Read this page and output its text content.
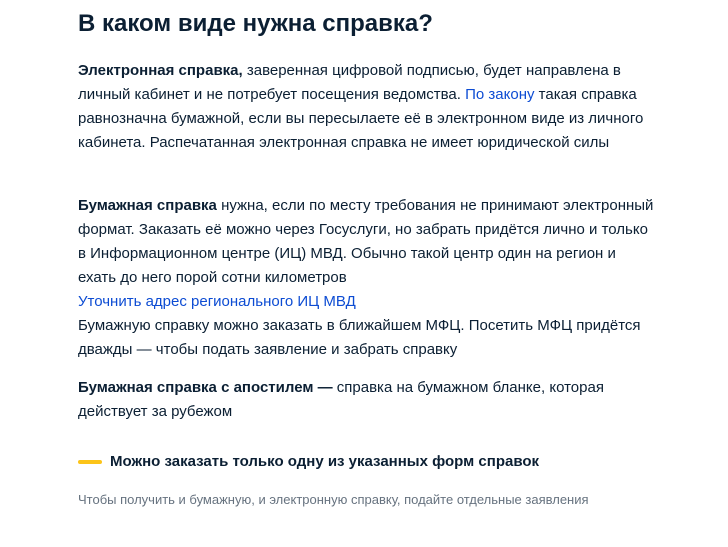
В каком виде нужна справка?
Электронная справка, заверенная цифровой подписью, будет направлена в личный кабинет и не потребует посещения ведомства. По закону такая справка равнозначна бумажной, если вы пересылаете её в электронном виде из личного кабинета. Распечатанная электронная справка не имеет юридической силы
Бумажная справка нужна, если по месту требования не принимают электронный формат. Заказать её можно через Госуслуги, но забрать придётся лично и только в Информационном центре (ИЦ) МВД. Обычно такой центр один на регион и ехать до него порой сотни километров
Уточнить адрес регионального ИЦ МВД
Бумажную справку можно заказать в ближайшем МФЦ. Посетить МФЦ придётся дважды — чтобы подать заявление и забрать справку
Бумажная справка с апостилем — справка на бумажном бланке, которая действует за рубежом
Можно заказать только одну из указанных форм справок
Чтобы получить и бумажную, и электронную справку, подайте отдельные заявления
